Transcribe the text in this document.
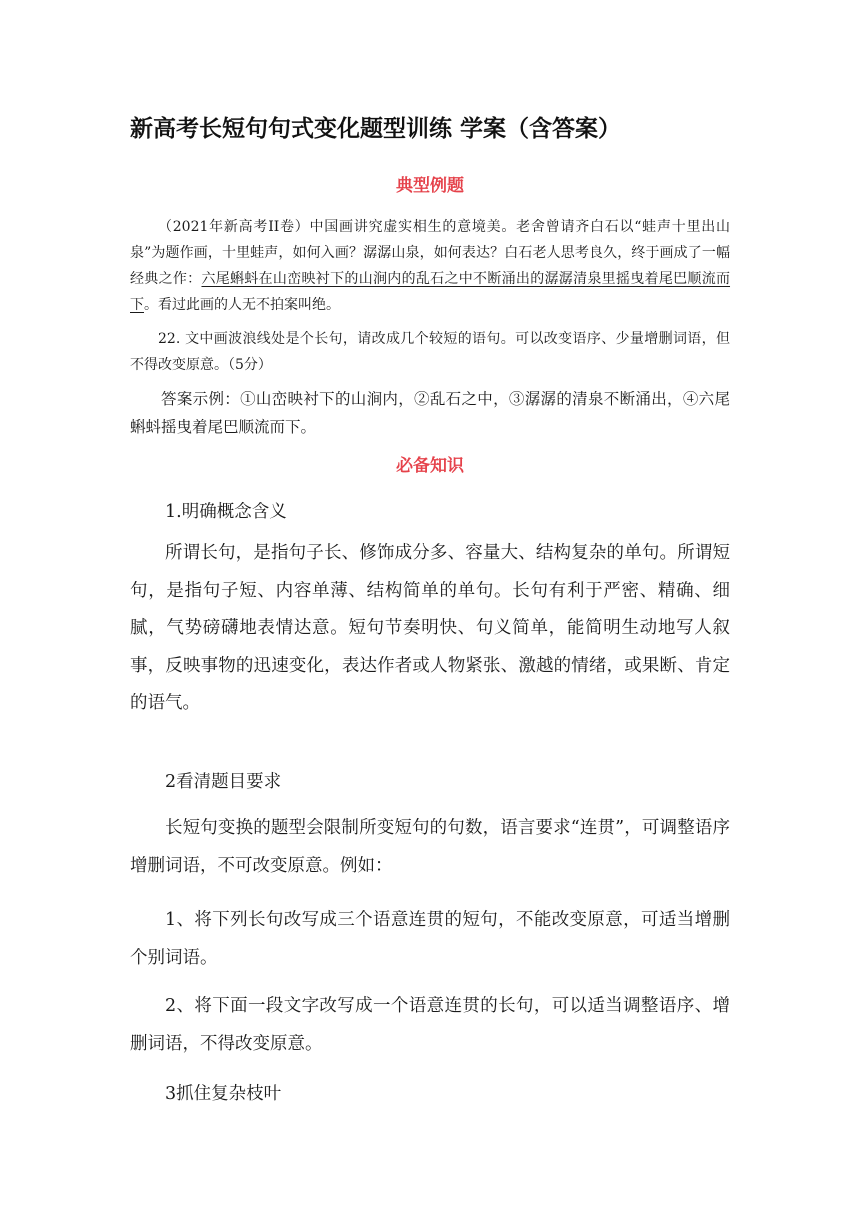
新高考长短句句式变化题型训练 学案（含答案）
典型例题

（2021年新高考II卷）中国画讲究虚实相生的意境美。老舍曾请齐白石以“蛙声十里出山泉”为题作画，十里蛙声，如何入画？潺潺山泉，如何表达？白石老人思考良久，终于画成了一幅经典之作：六尾蝌蚪在山峦映衬下的山涧内的乱石之中不断涌出的潺潺清泉里摇曳着尾巴顺流而下。看过此画的人无不拍案叫绝。

22. 文中画波浪线处是个长句，请改成几个较短的语句。可以改变语序、少量增删词语，但不得改变原意。（5分）

答案示例：①山峦映衬下的山涧内，②乱石之中，③潺潺的清泉不断涌出，④六尾蝌蚪摇曳着尾巴顺流而下。

必备知识

1.明确概念含义

所谓长句，是指句子长、修饰成分多、容量大、结构复杂的单句。所谓短句，是指句子短、内容单薄、结构简单的单句。长句有利于严密、精确、细腻，气势磅礴地表情达意。短句节奏明快、句义简单，能简明生动地写人叙事，反映事物的迅速变化，表达作者或人物紧张、激越的情绪，或果断、肯定的语气。

2看清题目要求

长短句变换的题型会限制所变短句的句数，语言要求“连贯”，可调整语序增删词语，不可改变原意。例如：

1、将下列长句改写成三个语意连贯的短句，不能改变原意，可适当增删个别词语。

2、将下面一段文字改写成一个语意连贯的长句，可以适当调整语序、增删词语，不得改变原意。

3抓住复杂枝叶
